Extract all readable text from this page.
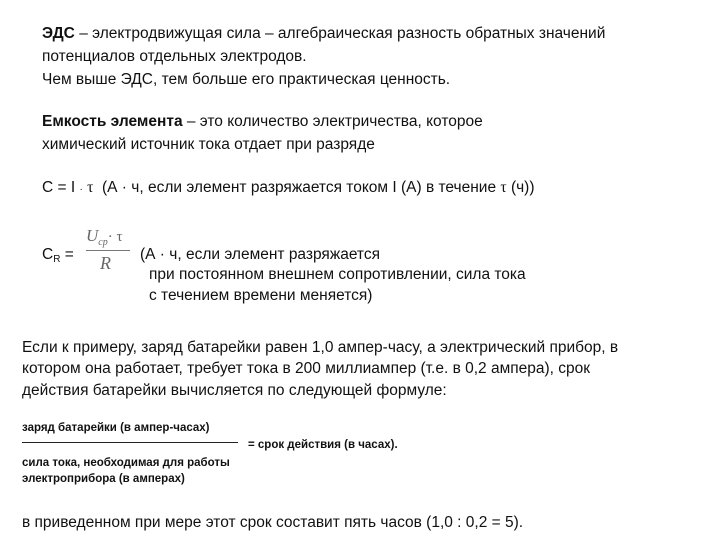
ЭДС – электродвижущая сила – алгебраическая разность обратных значений
потенциалов отдельных электродов.
Чем выше ЭДС, тем больше его практическая ценность.
Емкость элемента – это количество электричества, которое
химический источник тока отдает при разряде
C = I · τ (А · ч, если элемент разряжается током I (А) в течение τ (ч))
$C_R$ =
$U_{ср}\cdot \tau$
R (А · ч, если элемент разряжается
при постоянном внешнем сопротивлении, сила тока
с течением времени меняется)
Если к примеру, заряд батарейки равен 1,0 ампер-часу, а электрический прибор, в
котором она работает, требует тока в 200 миллиампер (т.е. в 0,2 ампера), срок
действия батарейки вычисляется по следующей формуле:
заряд батарейки (в ампер-часах)
= срок действия (в часах).
сила тока, необходимая для работы
электроприбора (в амперах)
в приведенном при мере этот срок составит пять часов (1,0 : 0,2 = 5).
